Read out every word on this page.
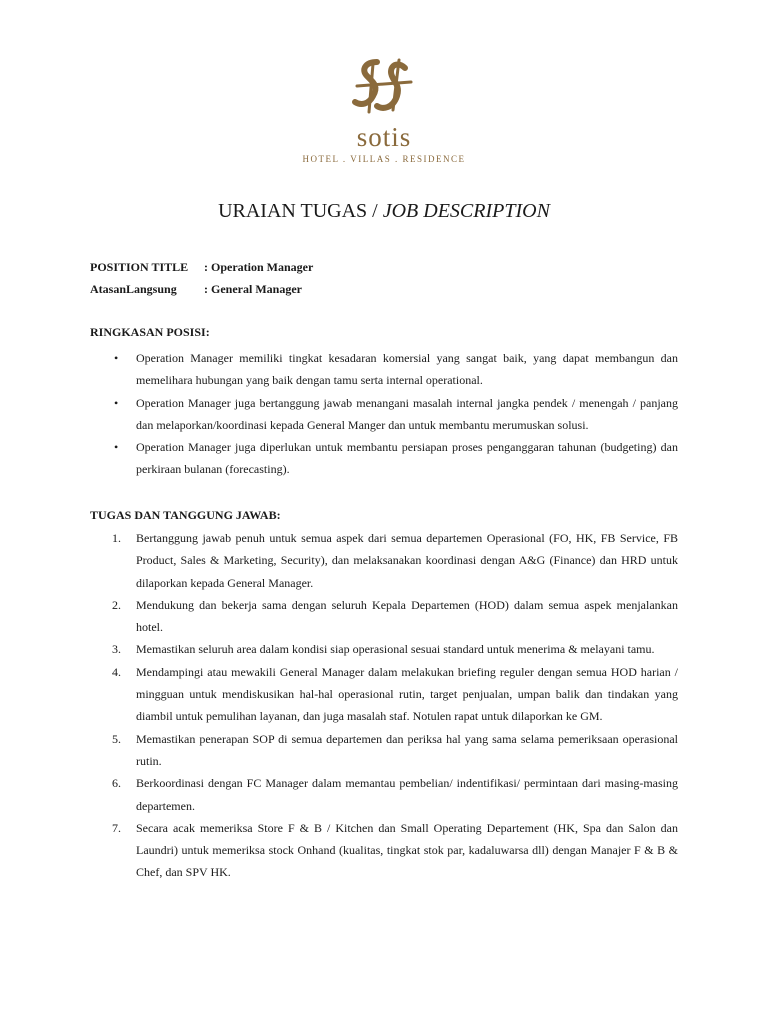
sotis
HOTEL . VILLAS . RESIDENCE
URAIAN TUGAS / JOB DESCRIPTION
POSITION TITLE : Operation Manager
AtasanLangsung : General Manager
RINGKASAN POSISI:
• Operation Manager memiliki tingkat kesadaran komersial yang sangat baik, yang dapat membangun dan memelihara hubungan yang baik dengan tamu serta internal operational.
• Operation Manager juga bertanggung jawab menangani masalah internal jangka pendek / menengah / panjang dan melaporkan/koordinasi kepada General Manger dan untuk membantu merumuskan solusi.
• Operation Manager juga diperlukan untuk membantu persiapan proses penganggaran tahunan (budgeting) dan perkiraan bulanan (forecasting).
TUGAS DAN TANGGUNG JAWAB:
1. Bertanggung jawab penuh untuk semua aspek dari semua departemen Operasional (FO, HK, FB Service, FB Product, Sales & Marketing, Security), dan melaksanakan koordinasi dengan A&G (Finance) dan HRD untuk dilaporkan kepada General Manager.
2. Mendukung dan bekerja sama dengan seluruh Kepala Departemen (HOD) dalam semua aspek menjalankan hotel.
3. Memastikan seluruh area dalam kondisi siap operasional sesuai standard untuk menerima & melayani tamu.
4. Mendampingi atau mewakili General Manager dalam melakukan briefing reguler dengan semua HOD harian / mingguan untuk mendiskusikan hal-hal operasional rutin, target penjualan, umpan balik dan tindakan yang diambil untuk pemulihan layanan, dan juga masalah staf. Notulen rapat untuk dilaporkan ke GM.
5. Memastikan penerapan SOP di semua departemen dan periksa hal yang sama selama pemeriksaan operasional rutin.
6. Berkoordinasi dengan FC Manager dalam memantau pembelian/ indentifikasi/ permintaan dari masing-masing departemen.
7. Secara acak memeriksa Store F & B / Kitchen dan Small Operating Departement (HK, Spa dan Salon dan Laundri) untuk memeriksa stock Onhand (kualitas, tingkat stok par, kadaluwarsa dll) dengan Manajer F & B & Chef, dan SPV HK.
